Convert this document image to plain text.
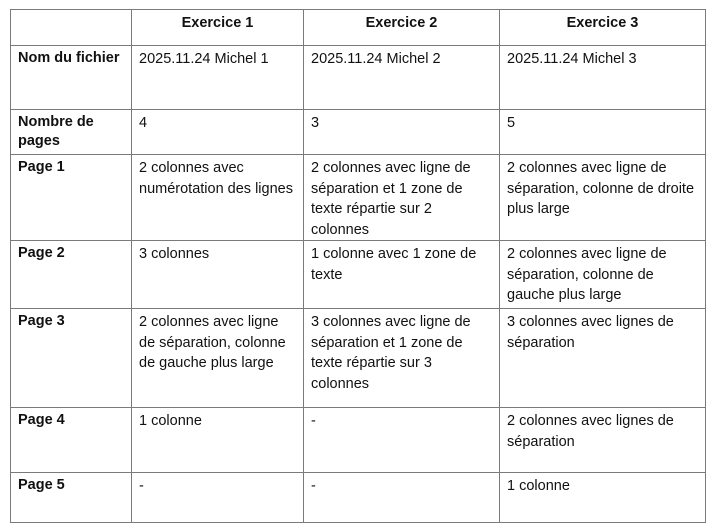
	Exercice 1	Exercice 2	Exercice 3
Nom du fichier	2025.11.24 Michel 1	2025.11.24 Michel 2	2025.11.24 Michel 3
Nombre de pages	4	3	5
Page 1	2 colonnes avec numérotation des lignes	2 colonnes avec ligne de séparation et 1 zone de texte répartie sur 2 colonnes	2 colonnes avec ligne de séparation, colonne de droite plus large
Page 2	3 colonnes	1 colonne avec 1 zone de texte	2 colonnes avec ligne de séparation, colonne de gauche plus large
Page 3	2 colonnes avec ligne de séparation, colonne de gauche plus large	3 colonnes avec ligne de séparation et 1 zone de texte répartie sur 3 colonnes	3 colonnes avec lignes de séparation
Page 4	1 colonne	-	2 colonnes avec lignes de séparation
Page 5	-	-	1 colonne
